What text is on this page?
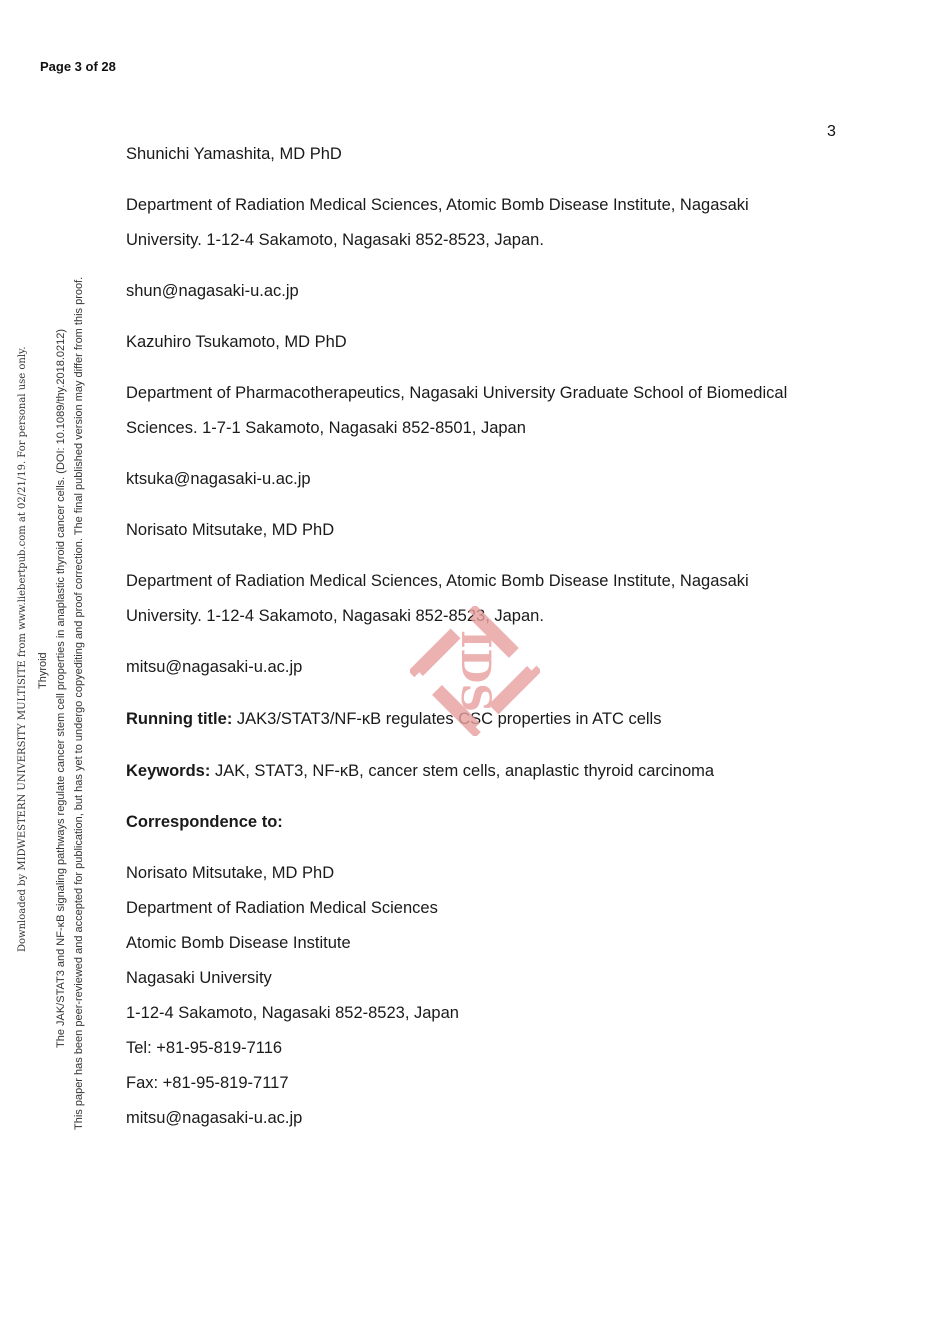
Page 3 of 28
3
Downloaded by MIDWESTERN UNIVERSITY MULTISITE from www.liebertpub.com at 02/21/19. For personal use only. Thyroid The JAK/STAT3 and NF-κB signaling pathways regulate cancer stem cell properties in anaplastic thyroid cancer cells. (DOI: 10.1089/thy.2018.0212) This paper has been peer-reviewed and accepted for publication, but has yet to undergo copyediting and proof correction. The final published version may differ from this proof.
Shunichi Yamashita, MD PhD
Department of Radiation Medical Sciences, Atomic Bomb Disease Institute, Nagasaki
University. 1-12-4 Sakamoto, Nagasaki 852-8523, Japan.
shun@nagasaki-u.ac.jp
Kazuhiro Tsukamoto, MD PhD
Department of Pharmacotherapeutics, Nagasaki University Graduate School of Biomedical
Sciences. 1-7-1 Sakamoto, Nagasaki 852-8501, Japan
ktsuka@nagasaki-u.ac.jp
Norisato Mitsutake, MD PhD
Department of Radiation Medical Sciences, Atomic Bomb Disease Institute, Nagasaki
University. 1-12-4 Sakamoto, Nagasaki 852-8523, Japan.
mitsu@nagasaki-u.ac.jp
Running title: JAK3/STAT3/NF-κB regulates CSC properties in ATC cells
Keywords: JAK, STAT3, NF-κB, cancer stem cells, anaplastic thyroid carcinoma
Correspondence to:
Norisato Mitsutake, MD PhD
Department of Radiation Medical Sciences
Atomic Bomb Disease Institute
Nagasaki University
1-12-4 Sakamoto, Nagasaki 852-8523, Japan
Tel: +81-95-819-7116
Fax: +81-95-819-7117
mitsu@nagasaki-u.ac.jp
IDS
